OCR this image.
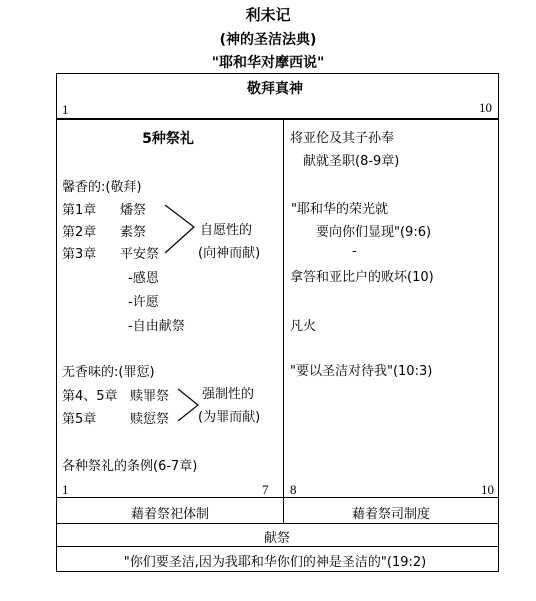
利未记
(神的圣洁法典)
"耶和华对摩西说"
敬拜真神
1	10
5种祭礼
馨香的:(敬拜)
第1章 燔祭
第2章 素祭
第3章 平安祭
自愿性的
(向神而献)
-感恩
-许愿
-自由献祭
无香味的:(罪愆)
第4、5章 赎罪祭
第5章	赎愆祭
强制性的
(为罪而献)
各种祭礼的条例(6-7章)
1	7
将亚伦及其子孙奉
献就圣职(8-9章)
"耶和华的荣光就
要向你们显现"(9:6)
-
拿答和亚比户的败坏(10)
凡火
"要以圣洁对待我"(10:3)
8	10
藉着祭祀体制	藉着祭司制度
献祭
"你们要圣洁,因为我耶和华你们的神是圣洁的"(19:2)
